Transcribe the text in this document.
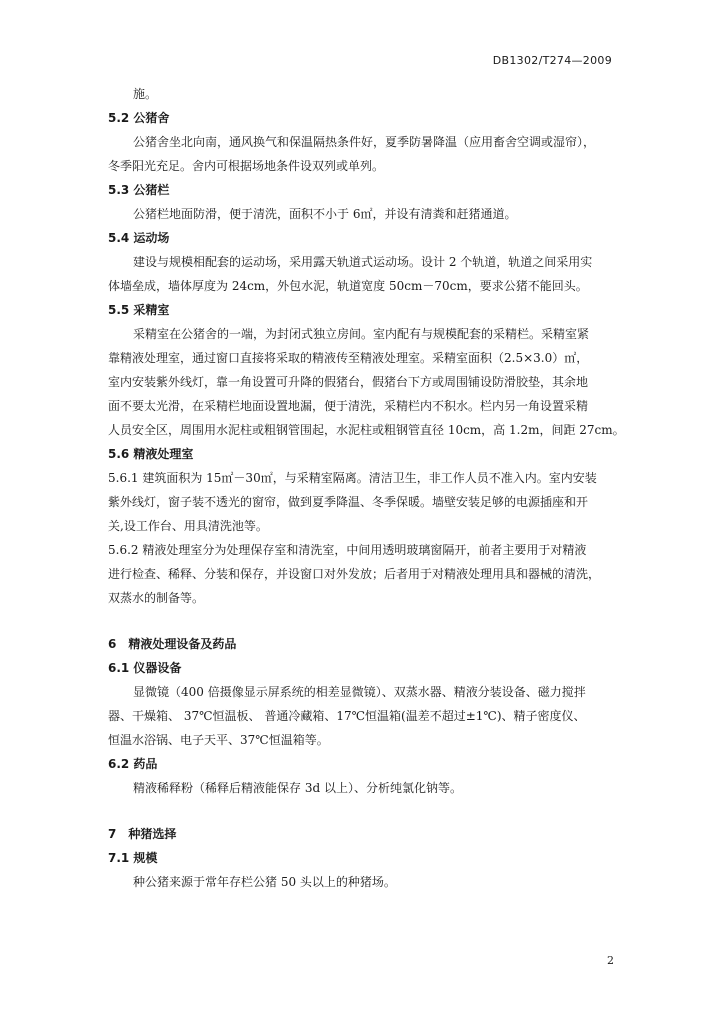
DB1302/T274—2009
施。
5.2 公猪舍
公猪舍坐北向南，通风换气和保温隔热条件好，夏季防暑降温（应用畜舍空调或湿帘），
冬季阳光充足。舍内可根据场地条件设双列或单列。
5.3 公猪栏
公猪栏地面防滑，便于清洗，面积不小于 6㎡，并设有清粪和赶猪通道。
5.4 运动场
建设与规模相配套的运动场，采用露天轨道式运动场。设计 2 个轨道，轨道之间采用实
体墙垒成，墙体厚度为 24cm，外包水泥，轨道宽度 50cm－70cm，要求公猪不能回头。
5.5 采精室
采精室在公猪舍的一端，为封闭式独立房间。室内配有与规模配套的采精栏。采精室紧
靠精液处理室，通过窗口直接将采取的精液传至精液处理室。采精室面积（2.5×3.0）㎡，
室内安装紫外线灯，靠一角设置可升降的假猪台，假猪台下方或周围铺设防滑胶垫，其余地
面不要太光滑，在采精栏地面设置地漏，便于清洗，采精栏内不积水。栏内另一角设置采精
人员安全区，周围用水泥柱或粗钢管围起，水泥柱或粗钢管直径 10cm，高 1.2m，间距 27cm。
5.6 精液处理室
5.6.1 建筑面积为 15㎡－30㎡，与采精室隔离。清洁卫生，非工作人员不准入内。室内安装
紫外线灯，窗子装不透光的窗帘，做到夏季降温、冬季保暖。墙壁安装足够的电源插座和开
关,设工作台、用具清洗池等。
5.6.2 精液处理室分为处理保存室和清洗室，中间用透明玻璃窗隔开，前者主要用于对精液
进行检查、稀释、分装和保存，并设窗口对外发放；后者用于对精液处理用具和器械的清洗，
双蒸水的制备等。
6　精液处理设备及药品
6.1 仪器设备
显微镜（400 倍摄像显示屏系统的相差显微镜）、双蒸水器、精液分装设备、磁力搅拌
器、干燥箱、 37℃恒温板、 普通冷藏箱、17℃恒温箱(温差不超过±1℃)、精子密度仪、
恒温水浴锅、电子天平、37℃恒温箱等。
6.2 药品
精液稀释粉（稀释后精液能保存 3d 以上）、分析纯氯化钠等。
7　种猪选择
7.1 规模
种公猪来源于常年存栏公猪 50 头以上的种猪场。
2
